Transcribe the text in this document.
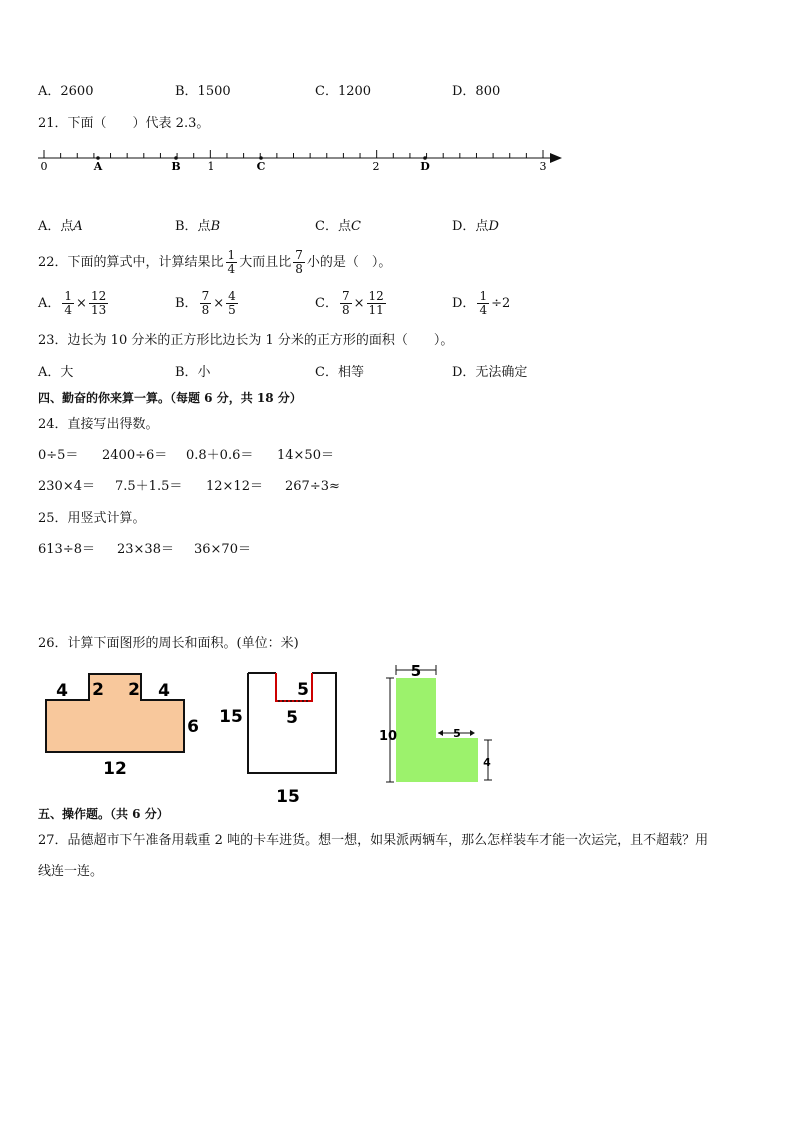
A．2600	B．1500	C．1200	D．800
21．下面（　　）代表 2.3。
0	A	B 1	C	2	D	3
A．点A	B．点B	C．点C	D．点D
22．下面的算式中，计算结果比 $\frac{1}{4}$ 大而且比 $\frac{7}{8}$ 小的是（　）。
A． $\frac{1}{4} \times \frac{12}{13}$	B． $\frac{7}{8} \times \frac{4}{5}$	C． $\frac{7}{8} \times \frac{12}{11}$	D． $\frac{1}{4} \div 2$
23．边长为 10 分米的正方形比边长为 1 分米的正方形的面积（　　）。
A．大	B．小	C．相等	D．无法确定
四、勤奋的你来算一算。（每题 6 分，共 18 分）
24．直接写出得数。
0÷5＝ 2400÷6＝ 0.8＋0.6＝ 14×50＝
230×4＝ 7.5＋1.5＝ 12×12＝ 267÷3≈
25．用竖式计算。
613÷8＝ 23×38＝ 36×70＝
26．计算下面图形的周长和面积。(单位：米)
4 2 2 4
6
12
15
5
5
15
5
10	5
4
五、操作题。（共 6 分）
27．品德超市下午准备用载重 2 吨的卡车进货。想一想，如果派两辆车，那么怎样装车才能一次运完，且不超载？用
线连一连。
